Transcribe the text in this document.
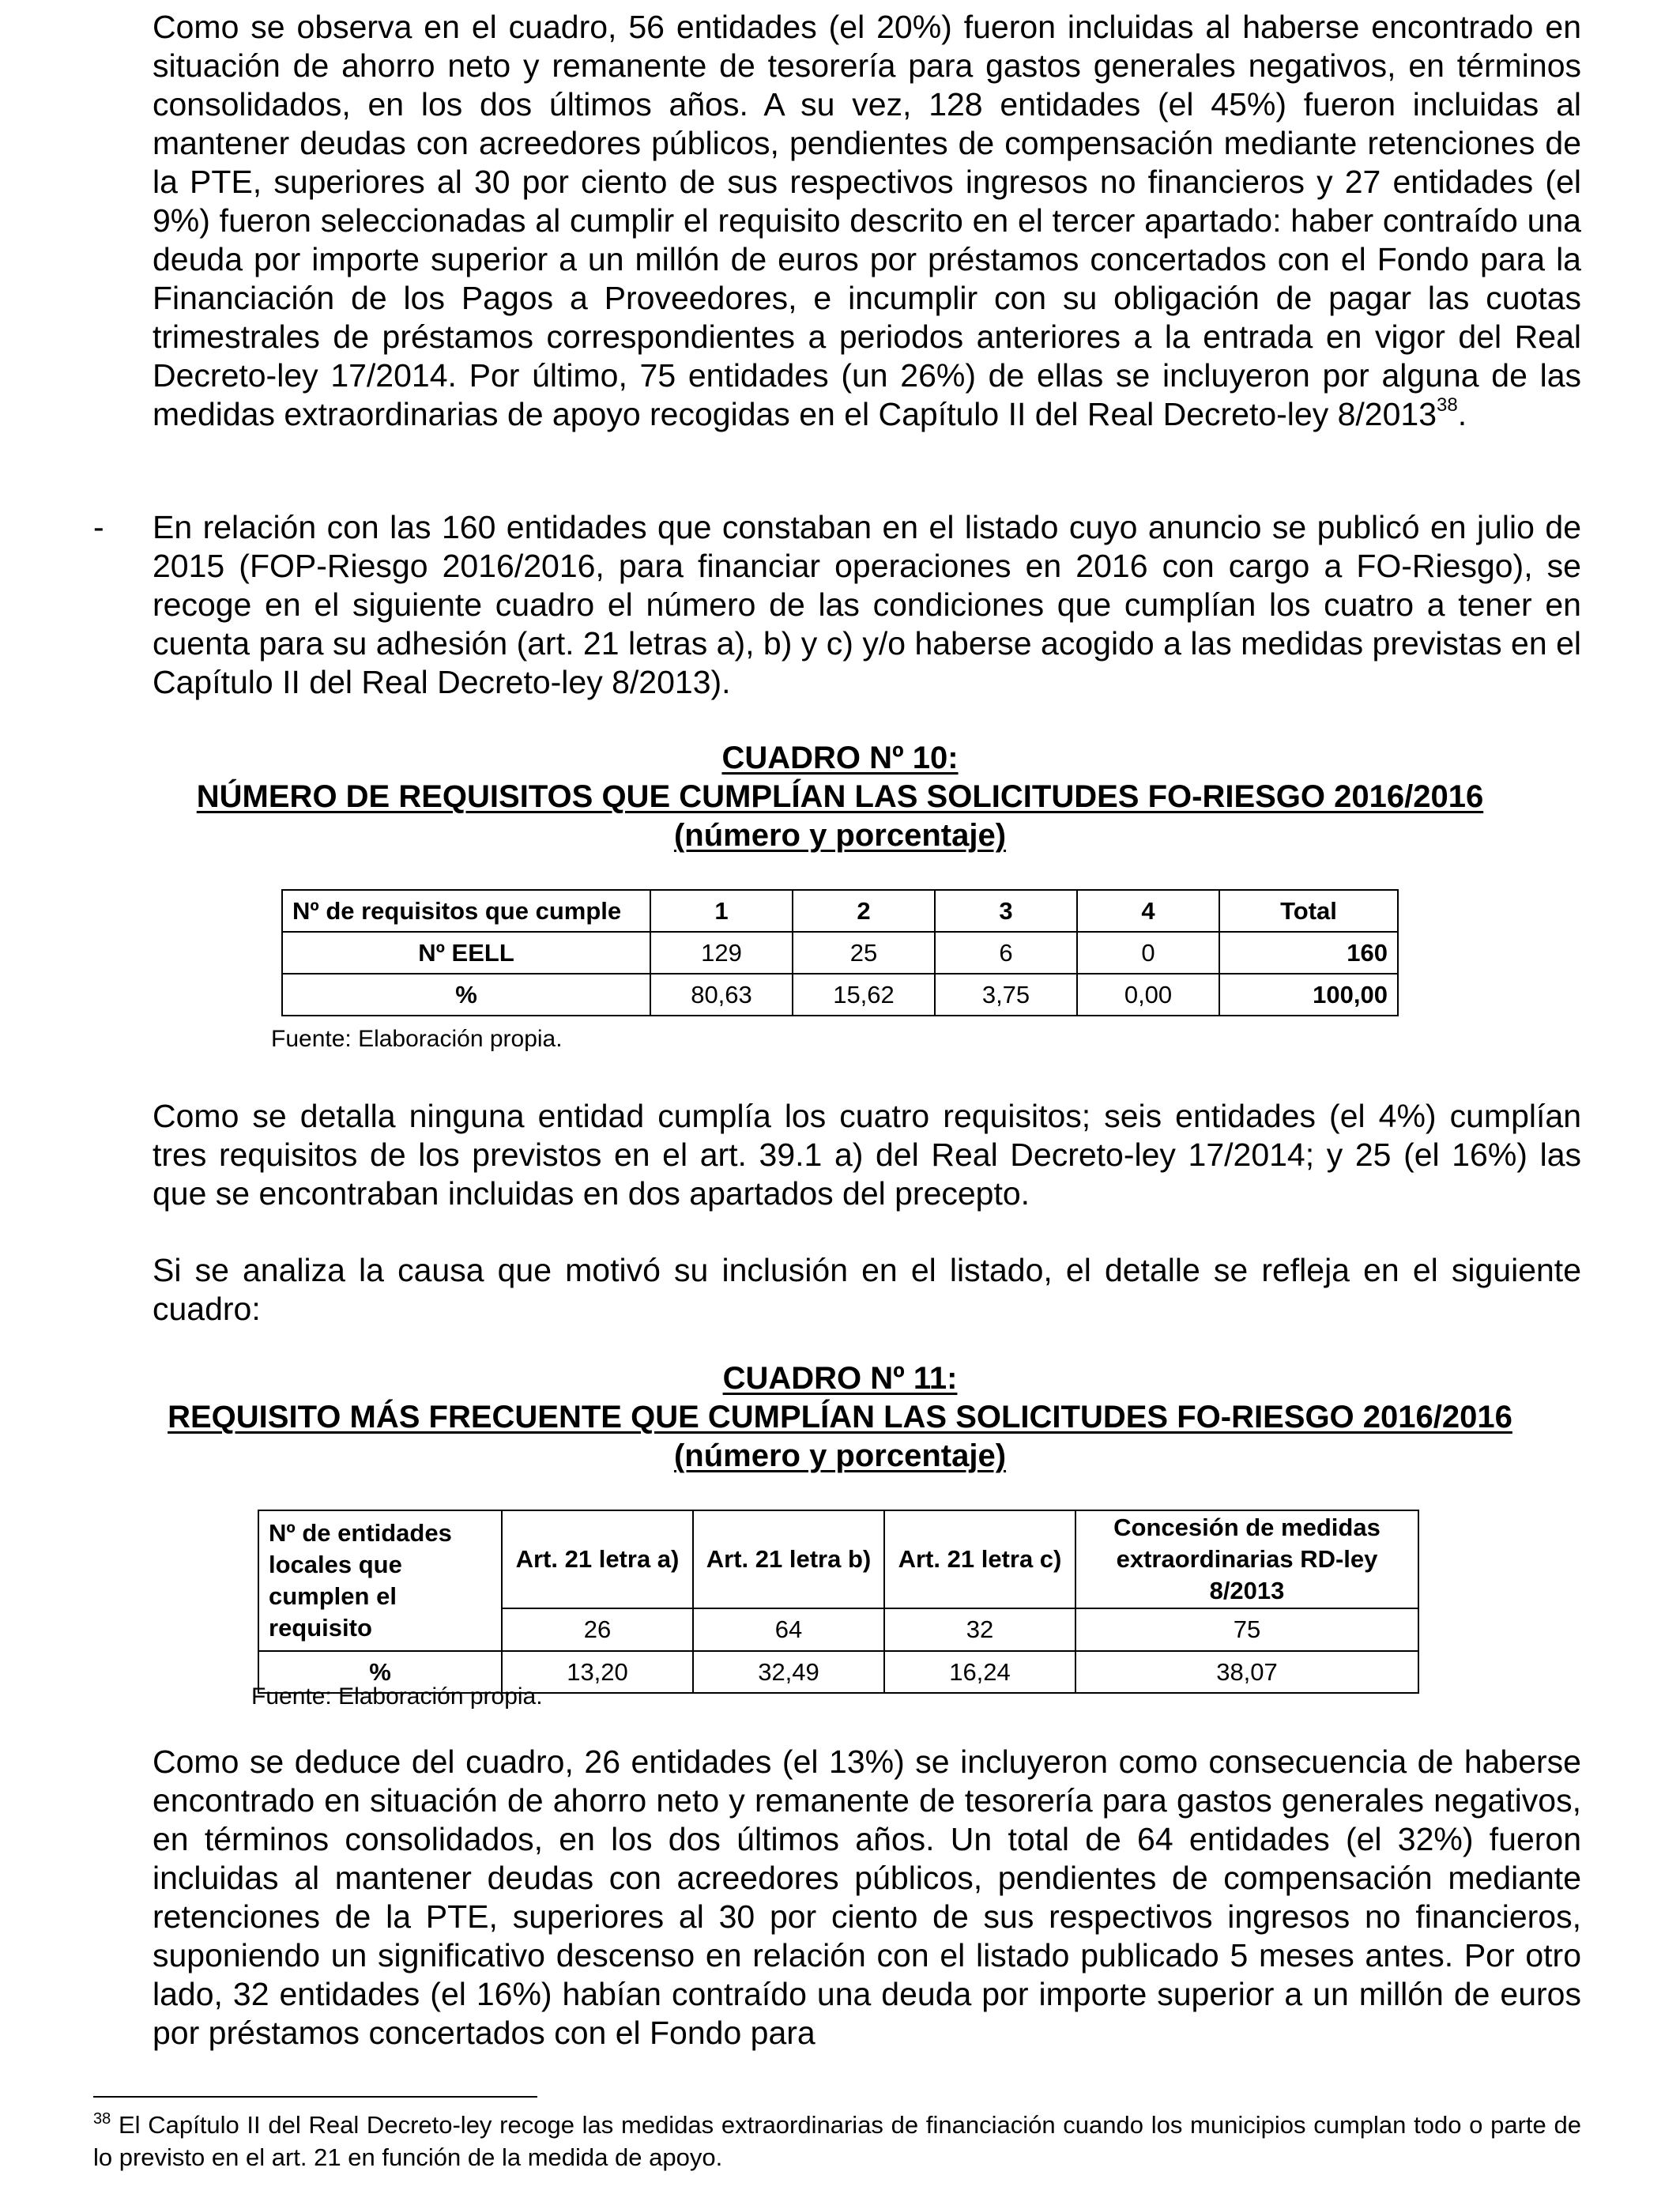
Como se observa en el cuadro, 56 entidades (el 20%) fueron incluidas al haberse encontrado en situación de ahorro neto y remanente de tesorería para gastos generales negativos, en términos consolidados, en los dos últimos años. A su vez, 128 entidades (el 45%) fueron incluidas al mantener deudas con acreedores públicos, pendientes de compensación mediante retenciones de la PTE, superiores al 30 por ciento de sus respectivos ingresos no financieros y 27 entidades (el 9%) fueron seleccionadas al cumplir el requisito descrito en el tercer apartado: haber contraído una deuda por importe superior a un millón de euros por préstamos concertados con el Fondo para la Financiación de los Pagos a Proveedores, e incumplir con su obligación de pagar las cuotas trimestrales de préstamos correspondientes a periodos anteriores a la entrada en vigor del Real Decreto-ley 17/2014. Por último, 75 entidades (un 26%) de ellas se incluyeron por alguna de las medidas extraordinarias de apoyo recogidas en el Capítulo II del Real Decreto-ley 8/2013$^{38}$.

- En relación con las 160 entidades que constaban en el listado cuyo anuncio se publicó en julio de 2015 (FOP-Riesgo 2016/2016, para financiar operaciones en 2016 con cargo a FO-Riesgo), se recoge en el siguiente cuadro el número de las condiciones que cumplían los cuatro a tener en cuenta para su adhesión (art. 21 letras a), b) y c) y/o haberse acogido a las medidas previstas en el Capítulo II del Real Decreto-ley 8/2013).

CUADRO Nº 10:

NÚMERO DE REQUISITOS QUE CUMPLÍAN LAS SOLICITUDES FO-RIESGO 2016/2016

(número y porcentaje)

Nº de requisitos que cumple	1	2	3	4	Total
Nº EELL	129	25	6	0	160
%	80,63	15,62	3,75	0,00	100,00
Fuente: Elaboración propia.

Como se detalla ninguna entidad cumplía los cuatro requisitos; seis entidades (el 4%) cumplían tres requisitos de los previstos en el art. 39.1 a) del Real Decreto-ley 17/2014; y 25 (el 16%) las que se encontraban incluidas en dos apartados del precepto.

Si se analiza la causa que motivó su inclusión en el listado, el detalle se refleja en el siguiente cuadro:

CUADRO Nº 11:

REQUISITO MÁS FRECUENTE QUE CUMPLÍAN LAS SOLICITUDES FO-RIESGO 2016/2016

(número y porcentaje)

Nº de entidades locales que cumplen el requisito	Art. 21 letra a)	Art. 21 letra b)	Art. 21 letra c)	Concesión de medidas extraordinarias RD-ley 8/2013
	26	64	32	75
%	13,20	32,49	16,24	38,07
Fuente: Elaboración propia.

Como se deduce del cuadro, 26 entidades (el 13%) se incluyeron como consecuencia de haberse encontrado en situación de ahorro neto y remanente de tesorería para gastos generales negativos, en términos consolidados, en los dos últimos años. Un total de 64 entidades (el 32%) fueron incluidas al mantener deudas con acreedores públicos, pendientes de compensación mediante retenciones de la PTE, superiores al 30 por ciento de sus respectivos ingresos no financieros, suponiendo un significativo descenso en relación con el listado publicado 5 meses antes. Por otro lado, 32 entidades (el 16%) habían contraído una deuda por importe superior a un millón de euros por préstamos concertados con el Fondo para

$^{38}$ El Capítulo II del Real Decreto-ley recoge las medidas extraordinarias de financiación cuando los municipios cumplan todo o parte de lo previsto en el art. 21 en función de la medida de apoyo.
